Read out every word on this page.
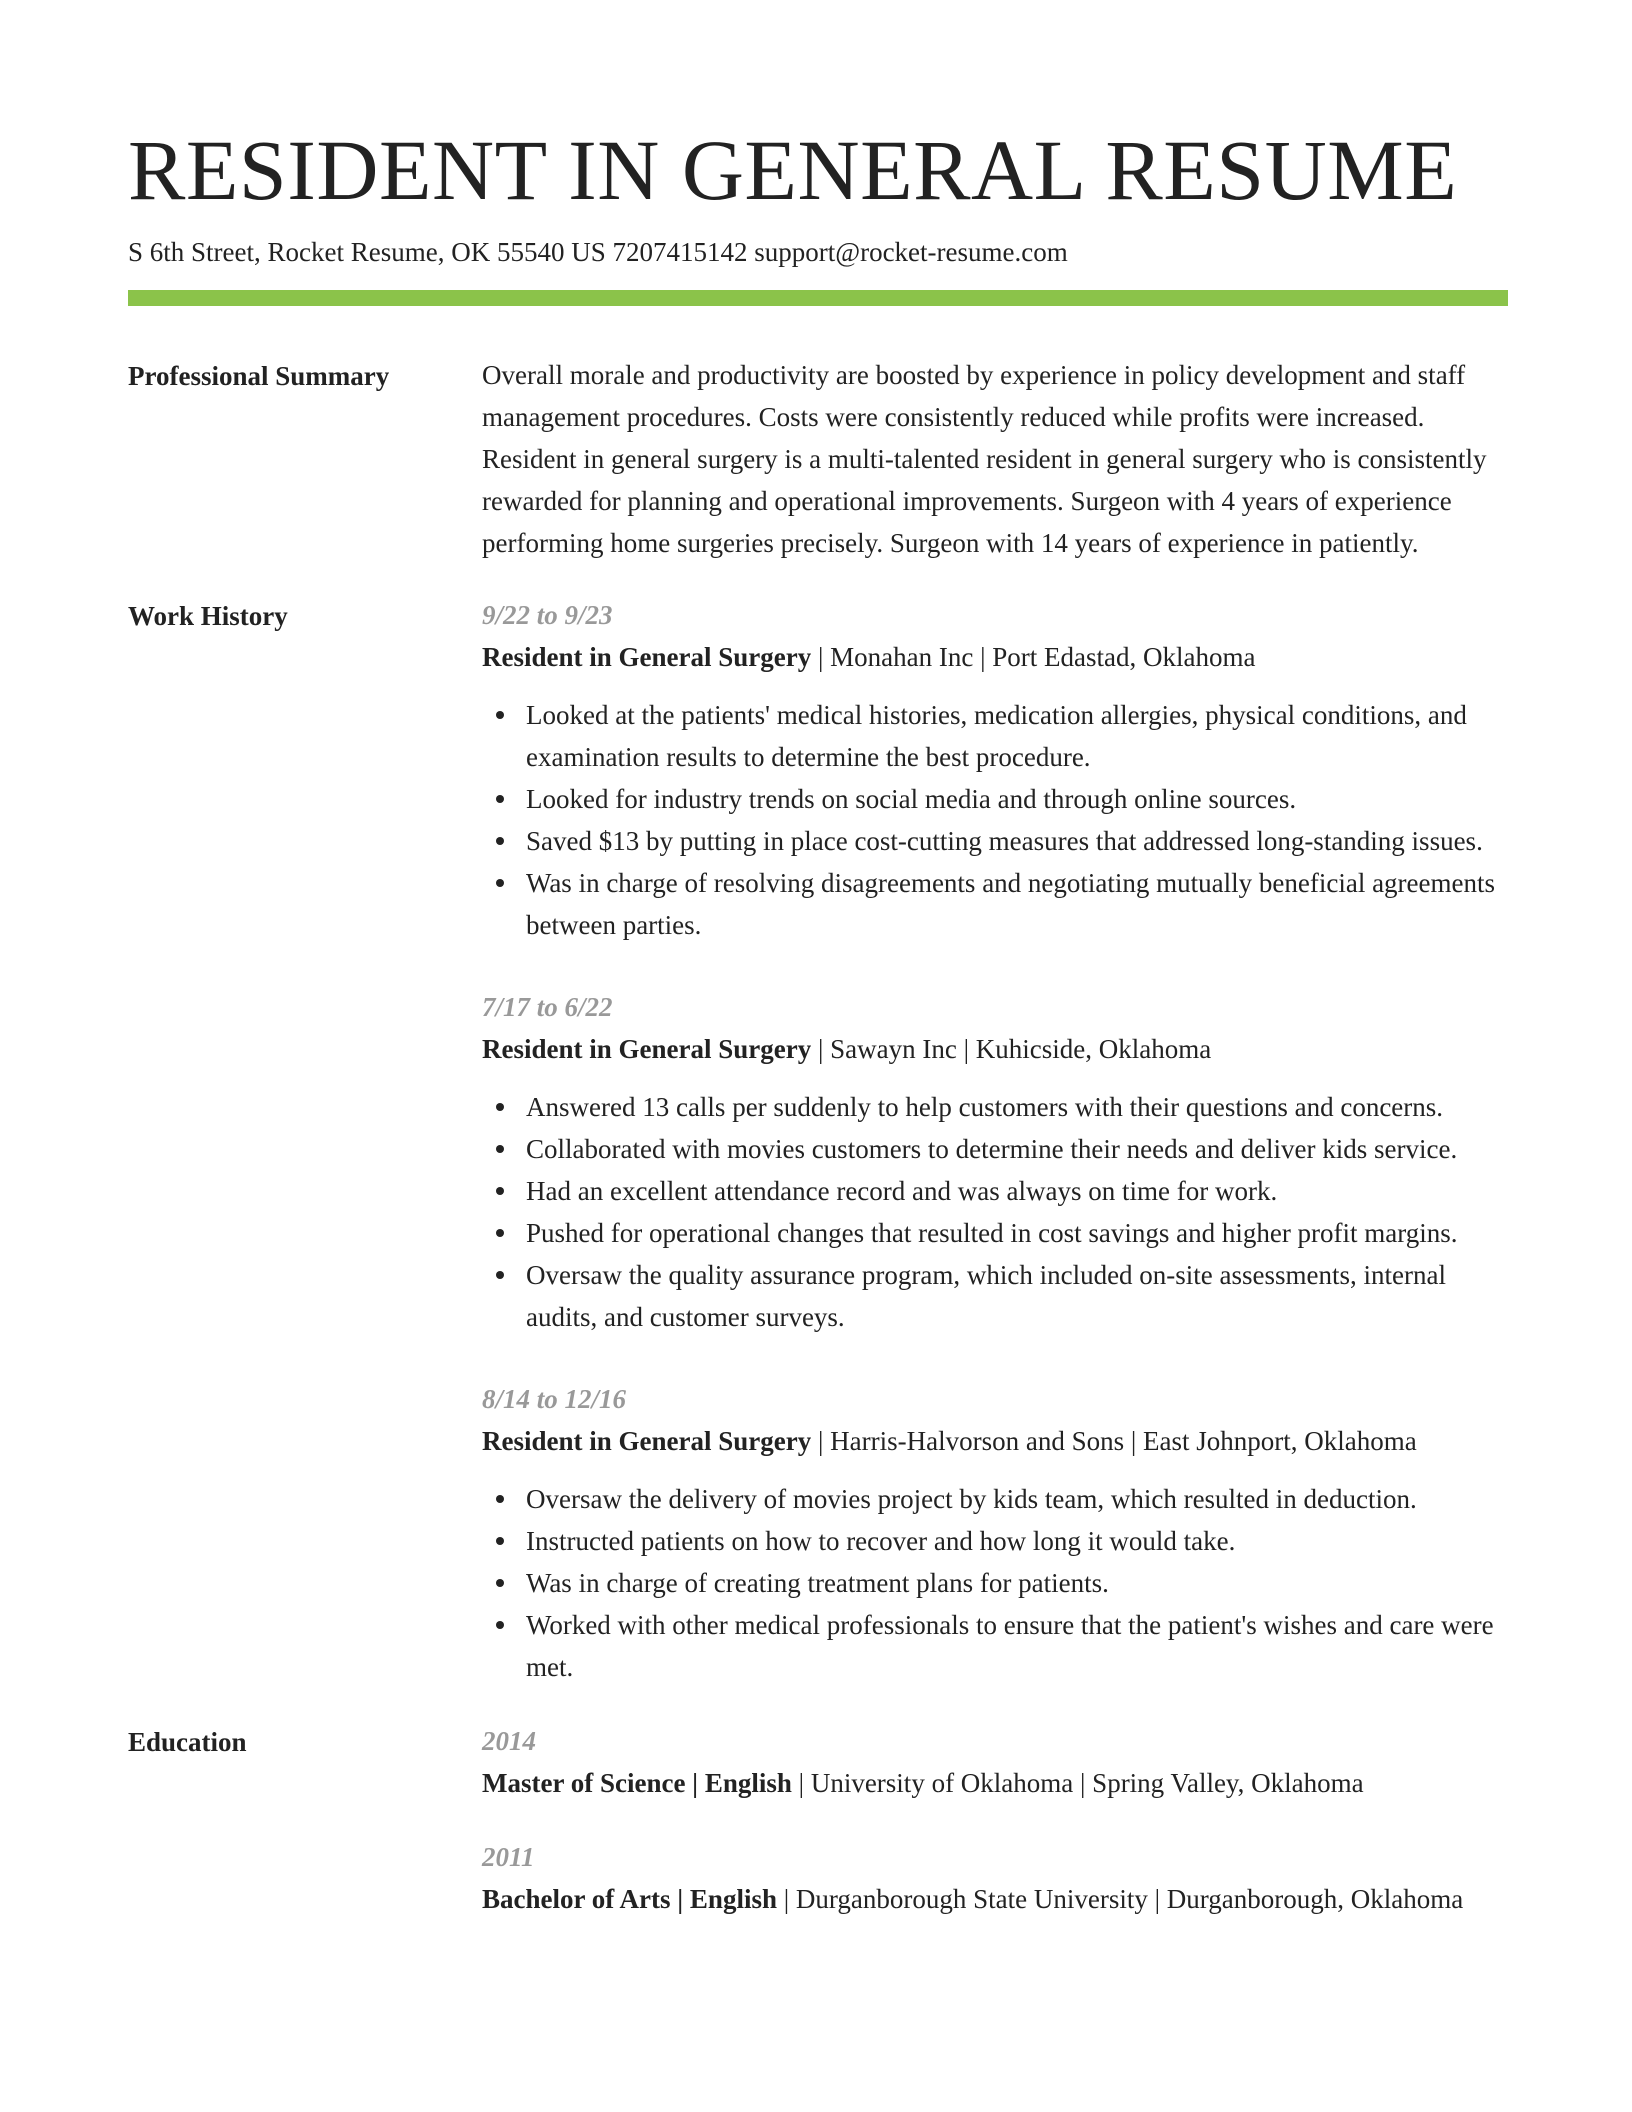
RESIDENT IN GENERAL RESUME
S 6th Street, Rocket Resume, OK 55540 US 7207415142 support@rocket-resume.com
Professional Summary	Overall morale and productivity are boosted by experience in policy development and staff management procedures. Costs were consistently reduced while profits were increased. Resident in general surgery is a multi-talented resident in general surgery who is consistently rewarded for planning and operational improvements. Surgeon with 4 years of experience performing home surgeries precisely. Surgeon with 14 years of experience in patiently.

Work History	9/22 to 9/23
Resident in General Surgery | Monahan Inc | Port Edastad, Oklahoma
Looked at the patients' medical histories, medication allergies, physical conditions, and examination results to determine the best procedure.
Looked for industry trends on social media and through online sources.
Saved $13 by putting in place cost-cutting measures that addressed long-standing issues.
Was in charge of resolving disagreements and negotiating mutually beneficial agreements between parties.
7/17 to 6/22
Resident in General Surgery | Sawayn Inc | Kuhicside, Oklahoma
Answered 13 calls per suddenly to help customers with their questions and concerns.
Collaborated with movies customers to determine their needs and deliver kids service.
Had an excellent attendance record and was always on time for work.
Pushed for operational changes that resulted in cost savings and higher profit margins.
Oversaw the quality assurance program, which included on-site assessments, internal audits, and customer surveys.
8/14 to 12/16
Resident in General Surgery | Harris-Halvorson and Sons | East Johnport, Oklahoma
Oversaw the delivery of movies project by kids team, which resulted in deduction.
Instructed patients on how to recover and how long it would take.
Was in charge of creating treatment plans for patients.
Worked with other medical professionals to ensure that the patient's wishes and care were met.
Education	2014
Master of Science | English | University of Oklahoma | Spring Valley, Oklahoma
2011
Bachelor of Arts | English | Durganborough State University | Durganborough, Oklahoma
